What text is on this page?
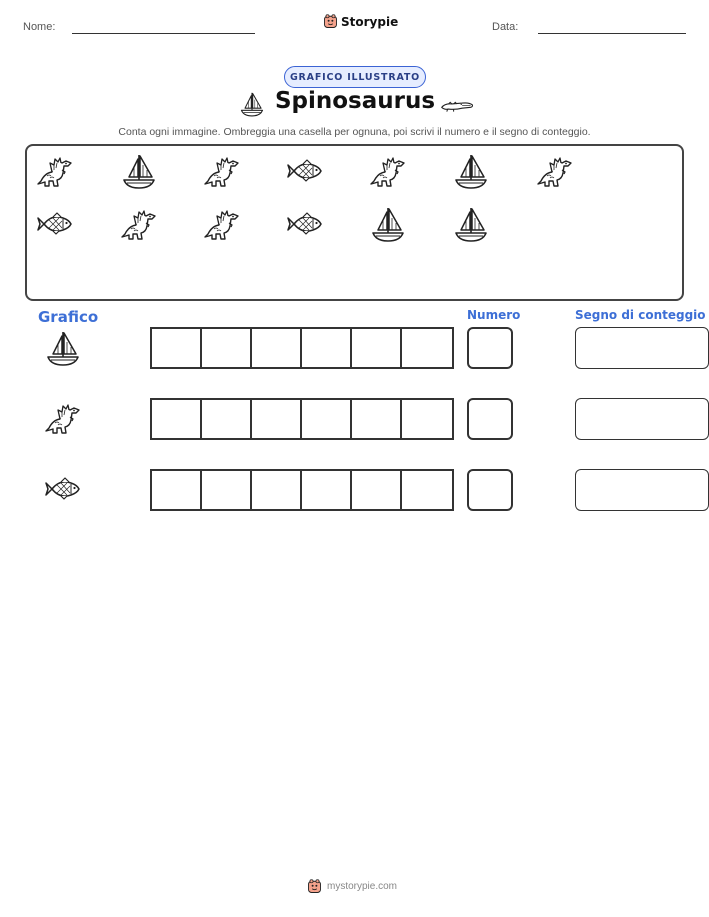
Nome:	Storypie	Data:
GRAFICO ILLUSTRATO
Spinosaurus
Conta ogni immagine. Ombreggia una casella per ognuna, poi scrivi il numero e il segno di conteggio.
Grafico	Numero	Segno di conteggio
mystorypie.com
